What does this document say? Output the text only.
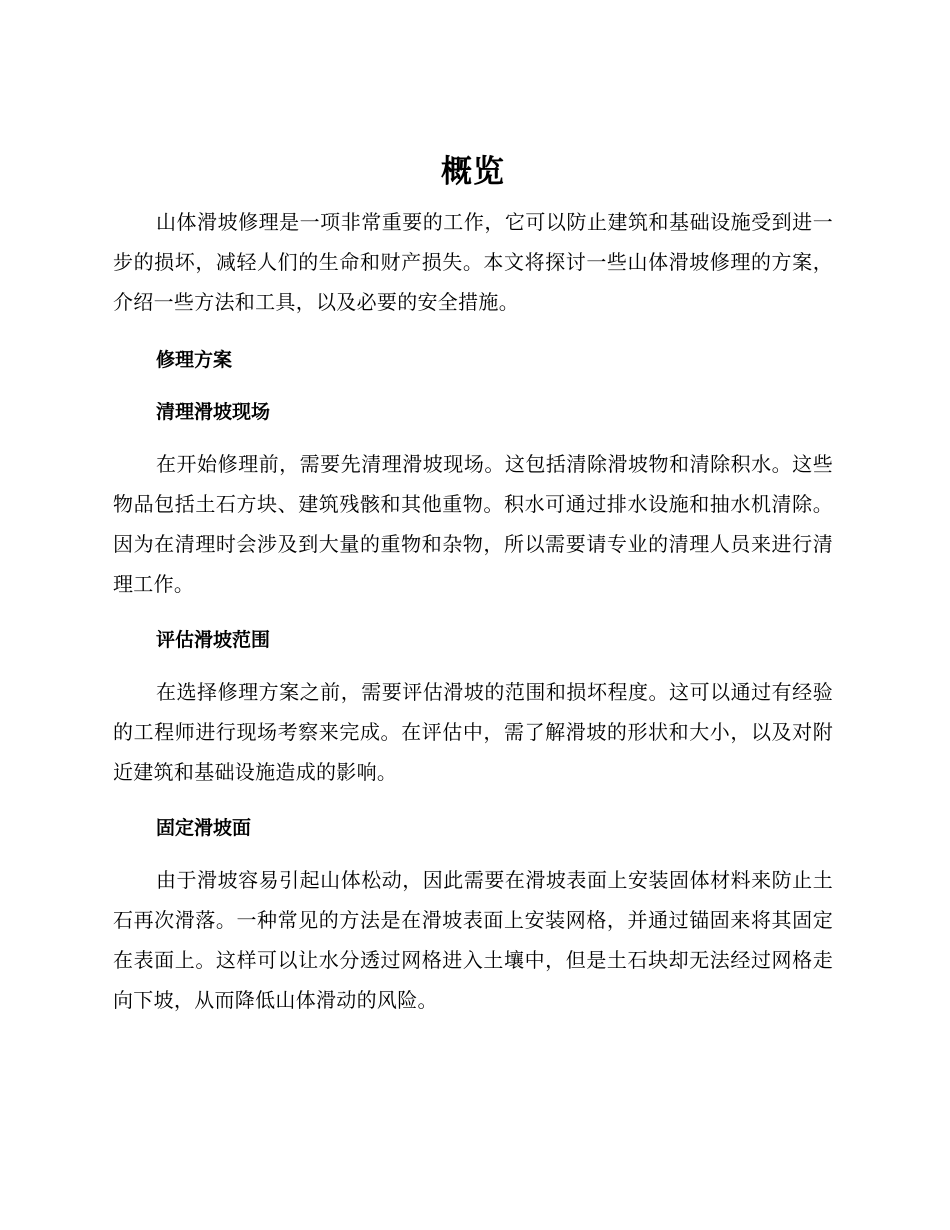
概览

山体滑坡修理是一项非常重要的工作，它可以防止建筑和基础设施受到进一步的损坏，减轻人们的生命和财产损失。本文将探讨一些山体滑坡修理的方案，介绍一些方法和工具，以及必要的安全措施。

修理方案
清理滑坡现场

在开始修理前，需要先清理滑坡现场。这包括清除滑坡物和清除积水。这些物品包括土石方块、建筑残骸和其他重物。积水可通过排水设施和抽水机清除。因为在清理时会涉及到大量的重物和杂物，所以需要请专业的清理人员来进行清理工作。

评估滑坡范围

在选择修理方案之前，需要评估滑坡的范围和损坏程度。这可以通过有经验的工程师进行现场考察来完成。在评估中，需了解滑坡的形状和大小，以及对附近建筑和基础设施造成的影响。

固定滑坡面

由于滑坡容易引起山体松动，因此需要在滑坡表面上安装固体材料来防止土石再次滑落。一种常见的方法是在滑坡表面上安装网格，并通过锚固来将其固定在表面上。这样可以让水分透过网格进入土壤中，但是土石块却无法经过网格走向下坡，从而降低山体滑动的风险。
